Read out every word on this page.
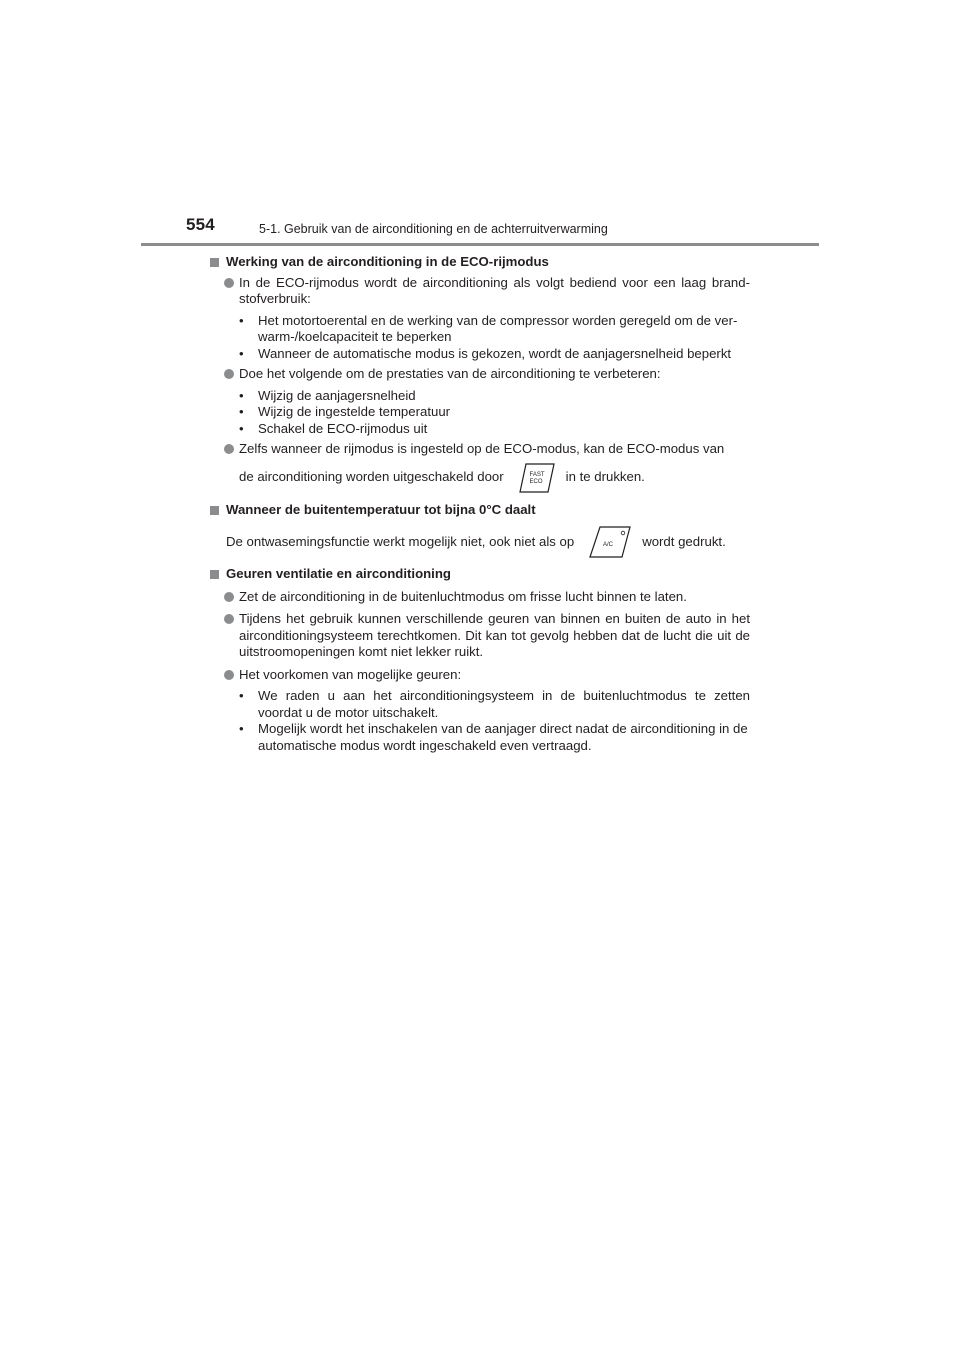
554	5-1. Gebruik van de airconditioning en de achterruitverwarming
Werking van de airconditioning in de ECO-rijmodus
In de ECO-rijmodus wordt de airconditioning als volgt bediend voor een laag brand-stofverbruik:
• Het motortoerental en de werking van de compressor worden geregeld om de ver-warm-/koelcapaciteit te beperken
• Wanneer de automatische modus is gekozen, wordt de aanjagersnelheid beperkt
Doe het volgende om de prestaties van de airconditioning te verbeteren:
• Wijzig de aanjagersnelheid
• Wijzig de ingestelde temperatuur
• Schakel de ECO-rijmodus uit
Zelfs wanneer de rijmodus is ingesteld op de ECO-modus, kan de ECO-modus van
de airconditioning worden uitgeschakeld door	FAST
ECO in te drukken.
Wanneer de buitentemperatuur tot bijna 0°C daalt
De ontwasemingsfunctie werkt mogelijk niet, ook niet als op	A/C wordt gedrukt.
Geuren ventilatie en airconditioning
Zet de airconditioning in de buitenluchtmodus om frisse lucht binnen te laten.
Tijdens het gebruik kunnen verschillende geuren van binnen en buiten de auto in het airconditioningsysteem terechtkomen. Dit kan tot gevolg hebben dat de lucht die uit de uitstroomopeningen komt niet lekker ruikt.
Het voorkomen van mogelijke geuren:
• We raden u aan het airconditioningsysteem in de buitenluchtmodus te zetten voordat u de motor uitschakelt.
• Mogelijk wordt het inschakelen van de aanjager direct nadat de airconditioning in de automatische modus wordt ingeschakeld even vertraagd.
